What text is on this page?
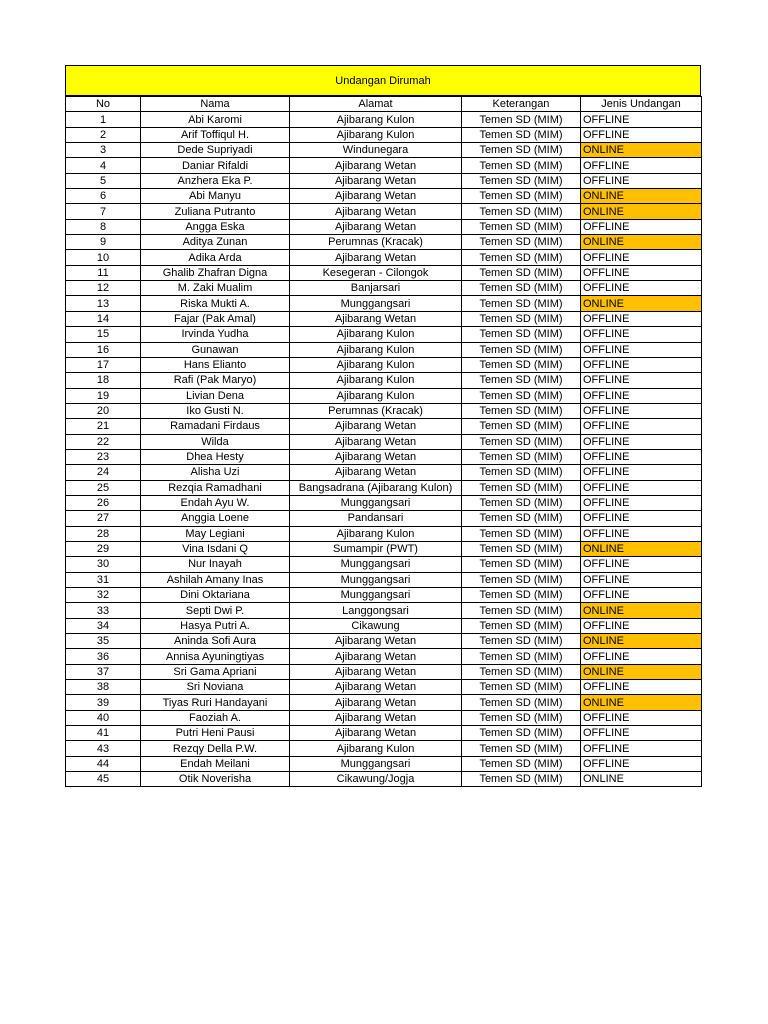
Undangan Dirumah
No	Nama	Alamat	Keterangan	Jenis Undangan
1	Abi Karomi	Ajibarang Kulon	Temen SD (MIM)	OFFLINE
2	Arif Toffiqul H.	Ajibarang Kulon	Temen SD (MIM)	OFFLINE
3	Dede Supriyadi	Windunegara	Temen SD (MIM)	ONLINE
4	Daniar Rifaldi	Ajibarang Wetan	Temen SD (MIM)	OFFLINE
5	Anzhera Eka P.	Ajibarang Wetan	Temen SD (MIM)	OFFLINE
6	Abi Manyu	Ajibarang Wetan	Temen SD (MIM)	ONLINE
7	Zuliana Putranto	Ajibarang Wetan	Temen SD (MIM)	ONLINE
8	Angga Eska	Ajibarang Wetan	Temen SD (MIM)	OFFLINE
9	Aditya Zunan	Perumnas (Kracak)	Temen SD (MIM)	ONLINE
10	Adika Arda	Ajibarang Wetan	Temen SD (MIM)	OFFLINE
11	Ghalib Zhafran Digna	Kesegeran - Cilongok	Temen SD (MIM)	OFFLINE
12	M. Zaki Mualim	Banjarsari	Temen SD (MIM)	OFFLINE
13	Riska Mukti A.	Munggangsari	Temen SD (MIM)	ONLINE
14	Fajar (Pak Amal)	Ajibarang Wetan	Temen SD (MIM)	OFFLINE
15	Irvinda Yudha	Ajibarang Kulon	Temen SD (MIM)	OFFLINE
16	Gunawan	Ajibarang Kulon	Temen SD (MIM)	OFFLINE
17	Hans Elianto	Ajibarang Kulon	Temen SD (MIM)	OFFLINE
18	Rafi (Pak Maryo)	Ajibarang Kulon	Temen SD (MIM)	OFFLINE
19	Livian Dena	Ajibarang Kulon	Temen SD (MIM)	OFFLINE
20	Iko Gusti N.	Perumnas (Kracak)	Temen SD (MIM)	OFFLINE
21	Ramadani Firdaus	Ajibarang Wetan	Temen SD (MIM)	OFFLINE
22	Wilda	Ajibarang Wetan	Temen SD (MIM)	OFFLINE
23	Dhea Hesty	Ajibarang Wetan	Temen SD (MIM)	OFFLINE
24	Alisha Uzi	Ajibarang Wetan	Temen SD (MIM)	OFFLINE
25	Rezqia Ramadhani	Bangsadrana (Ajibarang Kulon)	Temen SD (MIM)	OFFLINE
26	Endah Ayu W.	Munggangsari	Temen SD (MIM)	OFFLINE
27	Anggia Loene	Pandansari	Temen SD (MIM)	OFFLINE
28	May Legiani	Ajibarang Kulon	Temen SD (MIM)	OFFLINE
29	Vina Isdani Q	Sumampir (PWT)	Temen SD (MIM)	ONLINE
30	Nur Inayah	Munggangsari	Temen SD (MIM)	OFFLINE
31	Ashilah Amany Inas	Munggangsari	Temen SD (MIM)	OFFLINE
32	Dini Oktariana	Munggangsari	Temen SD (MIM)	OFFLINE
33	Septi Dwi P.	Langgongsari	Temen SD (MIM)	ONLINE
34	Hasya Putri A.	Cikawung	Temen SD (MIM)	OFFLINE
35	Aninda Sofi Aura	Ajibarang Wetan	Temen SD (MIM)	ONLINE
36	Annisa Ayuningtiyas	Ajibarang Wetan	Temen SD (MIM)	OFFLINE
37	Sri Gama Apriani	Ajibarang Wetan	Temen SD (MIM)	ONLINE
38	Sri Noviana	Ajibarang Wetan	Temen SD (MIM)	OFFLINE
39	Tiyas Ruri Handayani	Ajibarang Wetan	Temen SD (MIM)	ONLINE
40	Faoziah A.	Ajibarang Wetan	Temen SD (MIM)	OFFLINE
41	Putri Heni Pausi	Ajibarang Wetan	Temen SD (MIM)	OFFLINE
43	Rezqy Della P.W.	Ajibarang Kulon	Temen SD (MIM)	OFFLINE
44	Endah Meilani	Munggangsari	Temen SD (MIM)	OFFLINE
45	Otik Noverisha	Cikawung/Jogja	Temen SD (MIM)	ONLINE
